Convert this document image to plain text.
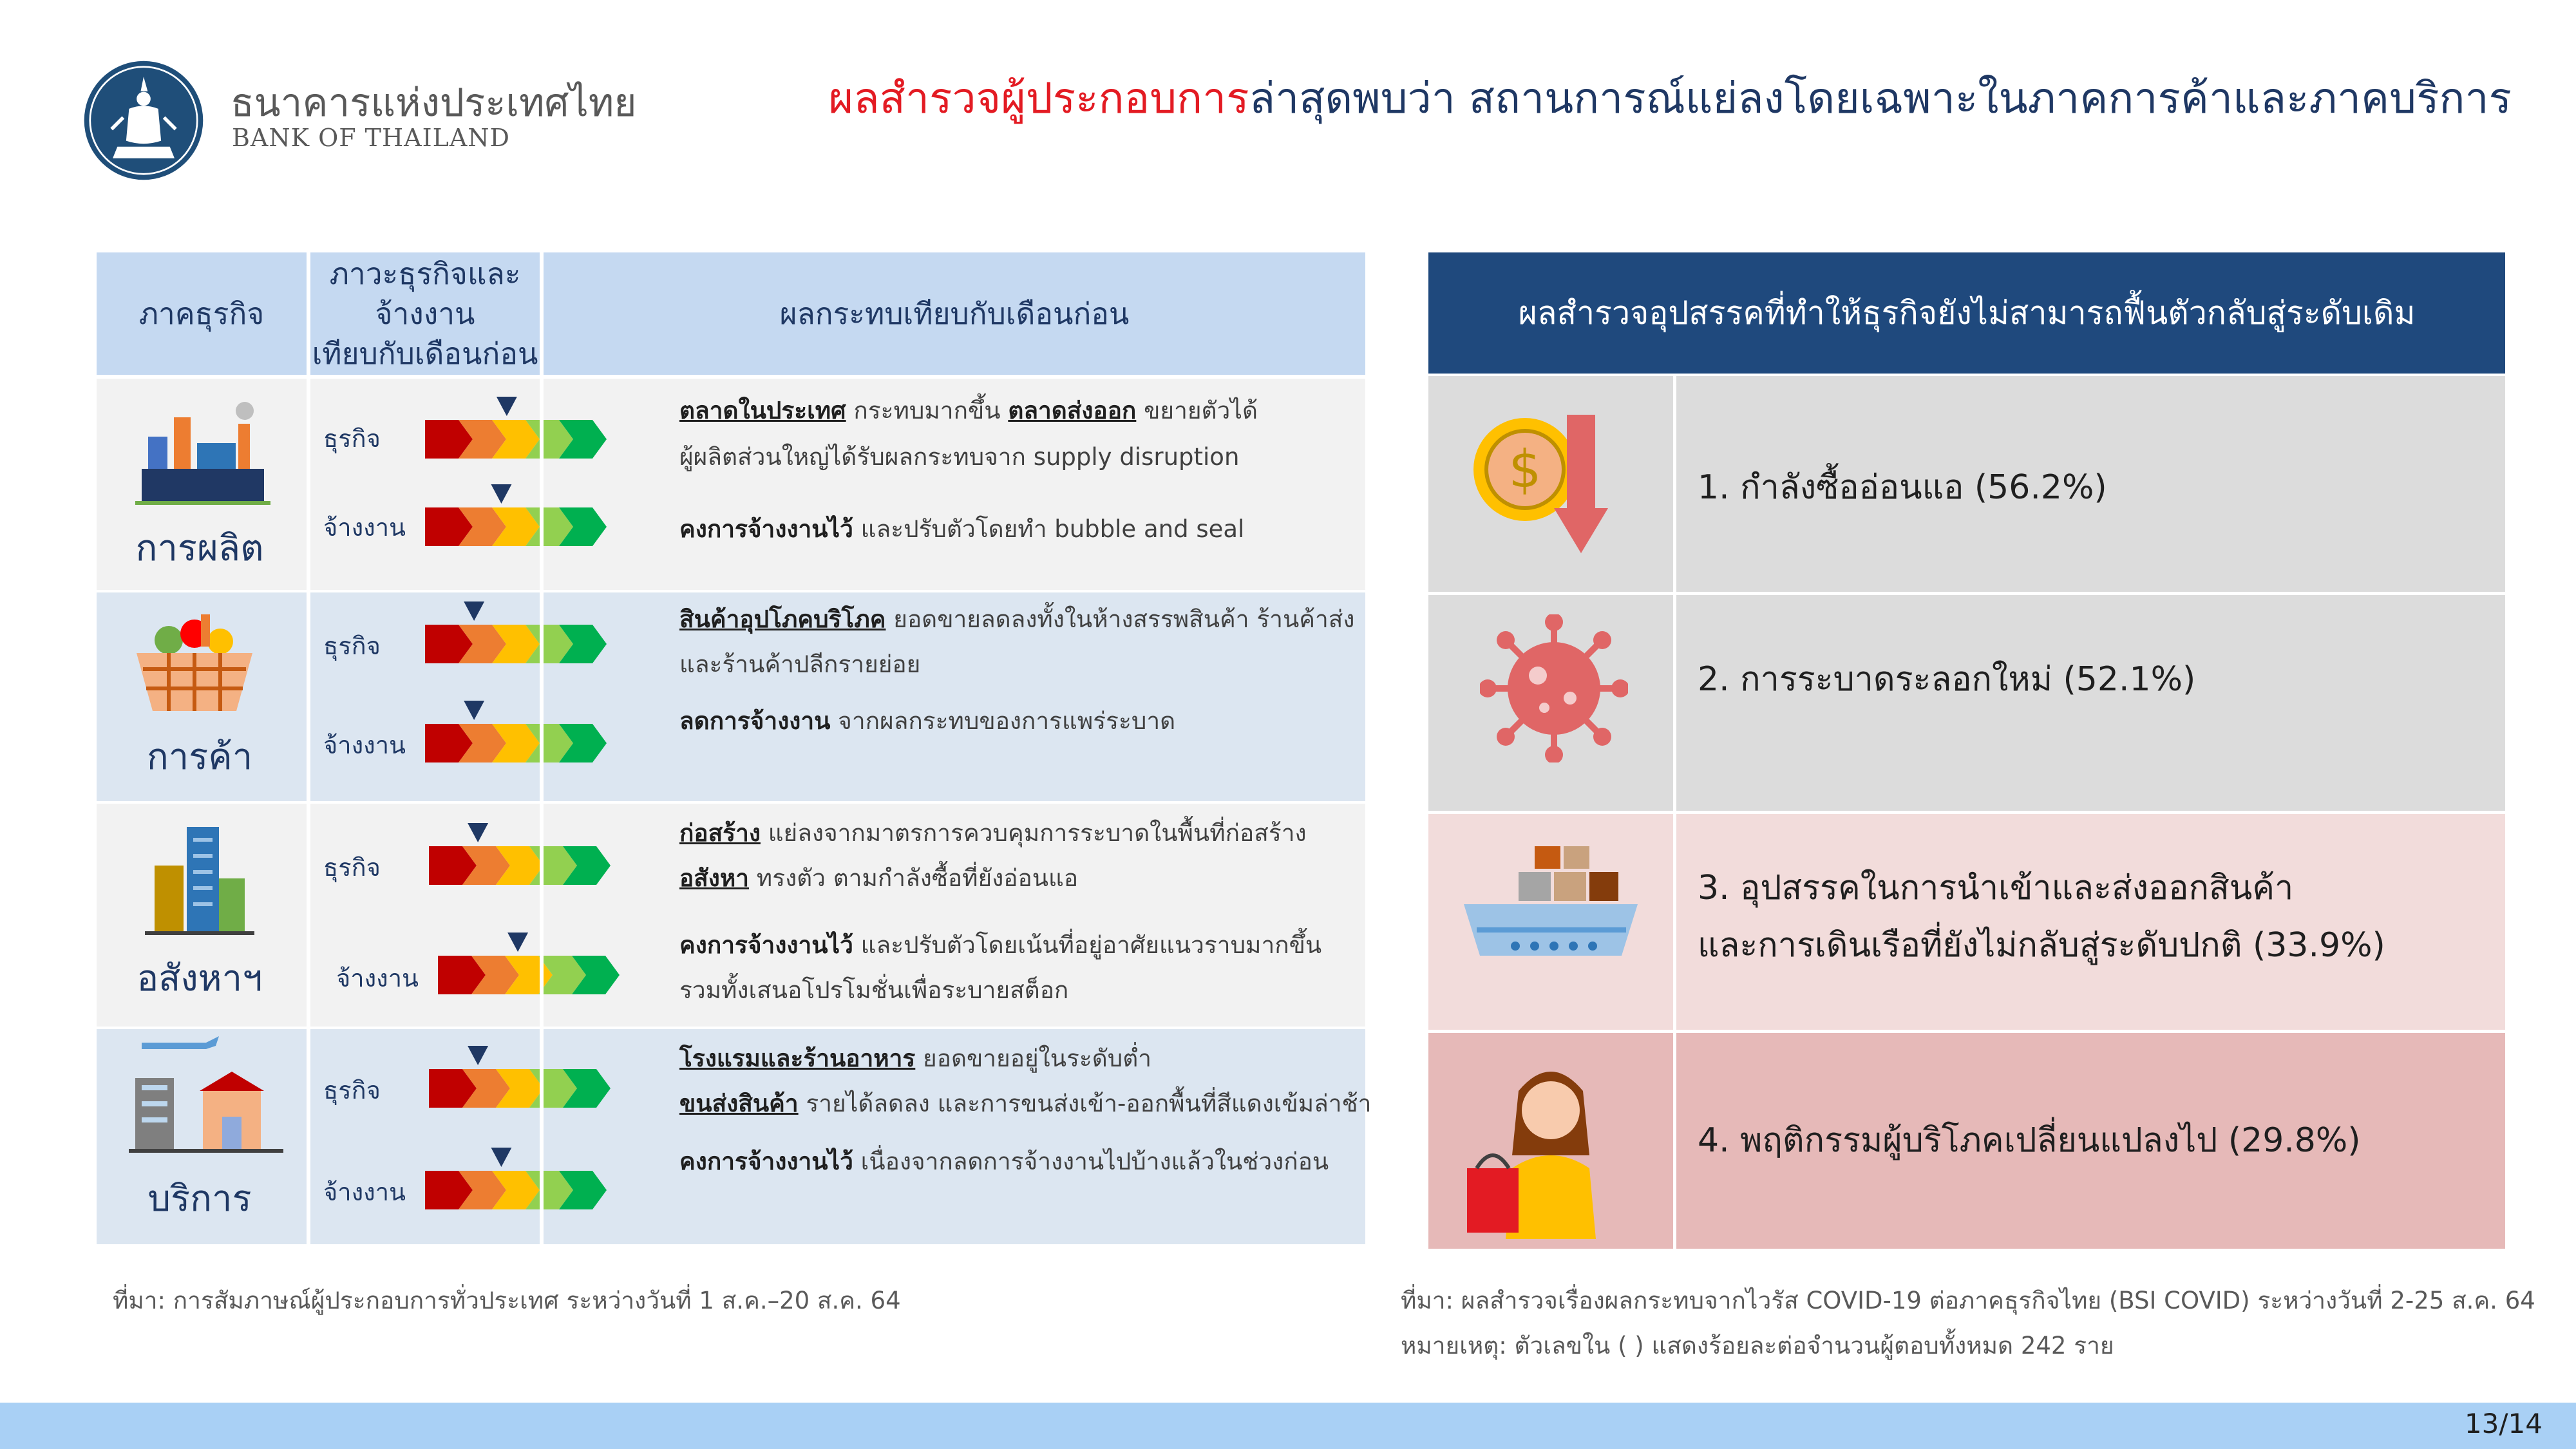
ธนาคารแห่งประเทศไทย
BANK OF THAILAND
ผลสำรวจผู้ประกอบการล่าสุดพบว่า สถานการณ์แย่ลงโดยเฉพาะในภาคการค้าและภาคบริการ
ภาคธุรกิจ
ภาวะธุรกิจและจ้างงาน
เทียบกับเดือนก่อน
ผลกระทบเทียบกับเดือนก่อน
การผลิต
ธุรกิจ
จ้างงาน
ตลาดในประเทศ กระทบมากขึ้น ตลาดส่งออก ขยายตัวได้
ผู้ผลิตส่วนใหญ่ได้รับผลกระทบจาก supply disruption
คงการจ้างงานไว้ และปรับตัวโดยทำ bubble and seal
การค้า
ธุรกิจ
จ้างงาน
สินค้าอุปโภคบริโภค ยอดขายลดลงทั้งในห้างสรรพสินค้า ร้านค้าส่ง
และร้านค้าปลีกรายย่อย
ลดการจ้างงาน จากผลกระทบของการแพร่ระบาด
อสังหาฯ
ธุรกิจ
จ้างงาน
ก่อสร้าง แย่ลงจากมาตรการควบคุมการระบาดในพื้นที่ก่อสร้าง
อสังหา ทรงตัว ตามกำลังซื้อที่ยังอ่อนแอ
คงการจ้างงานไว้ และปรับตัวโดยเน้นที่อยู่อาศัยแนวราบมากขึ้น
รวมทั้งเสนอโปรโมชั่นเพื่อระบายสต็อก
บริการ
ธุรกิจ
จ้างงาน
โรงแรมและร้านอาหาร ยอดขายอยู่ในระดับต่ำ
ขนส่งสินค้า รายได้ลดลง และการขนส่งเข้า-ออกพื้นที่สีแดงเข้มล่าช้า
คงการจ้างงานไว้ เนื่องจากลดการจ้างงานไปบ้างแล้วในช่วงก่อน
ที่มา: การสัมภาษณ์ผู้ประกอบการทั่วประเทศ ระหว่างวันที่ 1 ส.ค.–20 ส.ค. 64
ผลสำรวจอุปสรรคที่ทำให้ธุรกิจยังไม่สามารถฟื้นตัวกลับสู่ระดับเดิม
$	1. กำลังซื้ออ่อนแอ (56.2%)
2. การระบาดระลอกใหม่ (52.1%)
3. อุปสรรคในการนำเข้าและส่งออกสินค้า
และการเดินเรือที่ยังไม่กลับสู่ระดับปกติ (33.9%)
4. พฤติกรรมผู้บริโภคเปลี่ยนแปลงไป (29.8%)
ที่มา: ผลสำรวจเรื่องผลกระทบจากไวรัส COVID-19 ต่อภาคธุรกิจไทย (BSI COVID) ระหว่างวันที่ 2-25 ส.ค. 64
หมายเหตุ: ตัวเลขใน ( ) แสดงร้อยละต่อจำนวนผู้ตอบทั้งหมด 242 ราย
13/14
